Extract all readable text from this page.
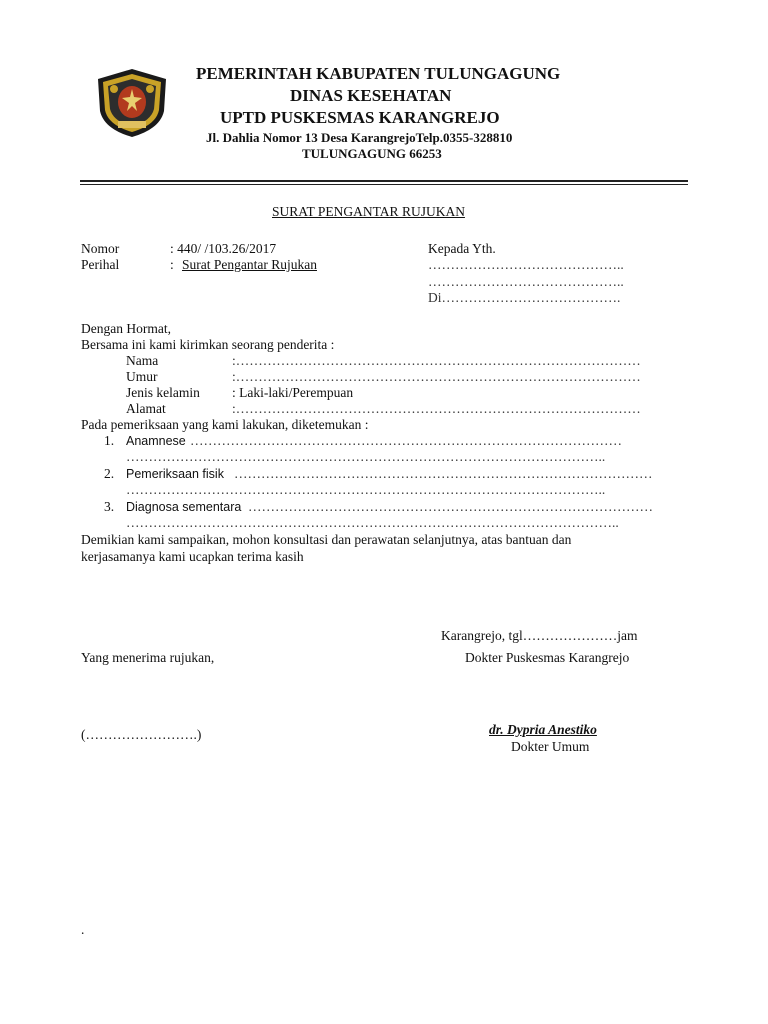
PEMERINTAH KABUPATEN TULUNGAGUNG
DINAS KESEHATAN
UPTD PUSKESMAS KARANGREJO
Jl. Dahlia Nomor 13 Desa KarangrejoTelp.0355-328810
TULUNGAGUNG 66253
SURAT PENGANTAR RUJUKAN
Nomor	: 440/ /103.26/2017
Perihal	: Surat Pengantar Rujukan
Kepada Yth.
……………………………………..
……………………………………..
Di………………………………….
Dengan Hormat,
Bersama ini kami kirimkan seorang penderita :
Nama	:………………………………………………………………………………
Umur	:………………………………………………………………………………
Jenis kelamin : Laki-laki/Perempuan
Alamat	:………………………………………………………………………………
Pada pemeriksaan yang kami lakukan, diketemukan :
1. Anamnese ……………………………………………………………………………………
……………………………………………………………………………………………..
2. Pemeriksaan fisik …………………………………………………………………………………
……………………………………………………………………………………………..
3. Diagnosa sementara ………………………………………………………………………………
………………………………………………………………………………………………..
Demikian kami sampaikan, mohon konsultasi dan perawatan selanjutnya, atas bantuan dan
kerjasamanya kami ucapkan terima kasih
Karangrejo, tgl…………………jam
Yang menerima rujukan,	Dokter Puskesmas Karangrejo
(…………………….)	dr. Dypria Anestiko
Dokter Umum
.
